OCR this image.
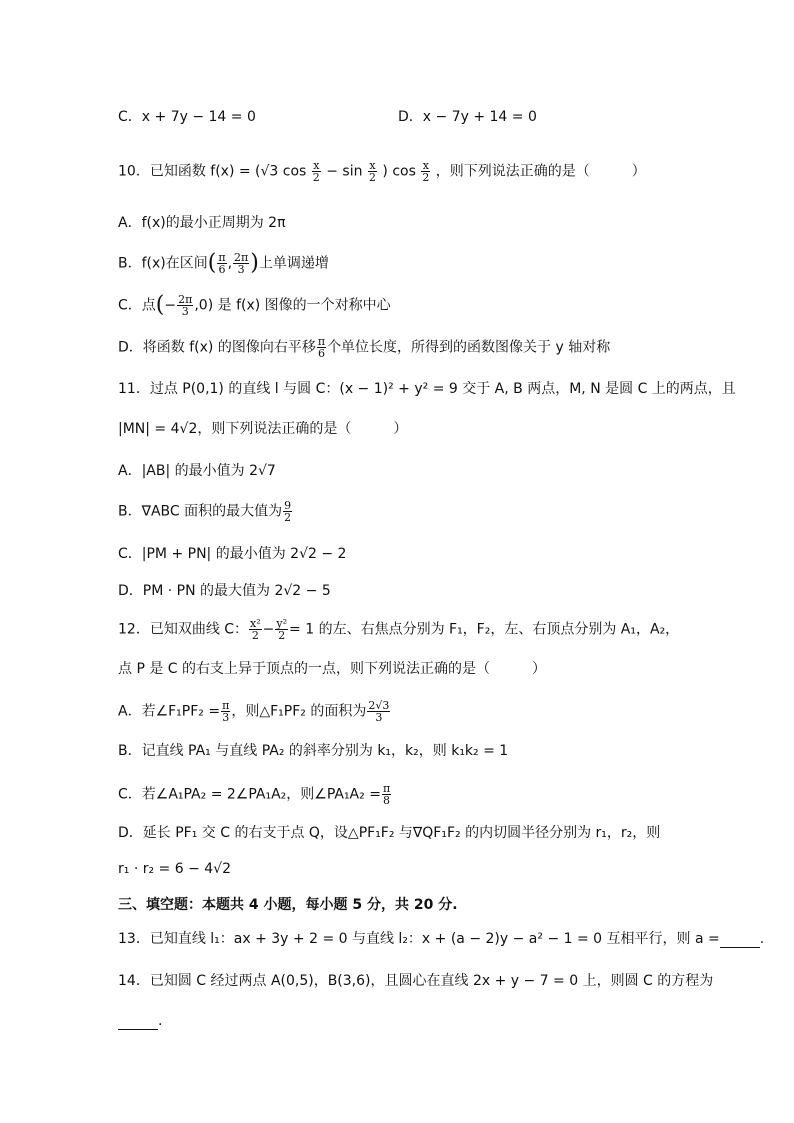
C．x + 7y − 14 = 0	D．x − 7y + 14 = 0
10．已知函数 f(x) = (√3 $\cos \frac{x}{2} - \sin \frac{x}{2}$ ) $\cos \frac{x}{2}$ ，则下列说法正确的是（　　　）
A．f(x)的最小正周期为 2π
B．f(x)在区间( $\frac{\pi}{6}$ , $\frac{2\pi}{3}$ )上单调递增
C．点(− $\frac{2\pi}{3} ,0$) 是 f(x) 图像的一个对称中心
D．将函数 f(x) 的图像向右平移 $\frac{\pi}{6}$ 个单位长度，所得到的函数图像关于 y 轴对称
11．过点 P(0,1) 的直线 l 与圆 C：(x − 1)² + y² = 9 交于 A, B 两点，M, N 是圆 C 上的两点，且
|MN| = 4√2，则下列说法正确的是（　　　）
A．|AB| 的最小值为 2√7
B．∇ABC 面积的最大值为 $\frac{9}{2}$
C．|PM + PN| 的最小值为 2√2 − 2
D．PM · PN 的最大值为 2√2 − 5
12．已知双曲线 C： $\frac{\text{x²}}{2} - \frac{\text{y²}}{2} = 1$ 的左、右焦点分别为 F₁，F₂，左、右顶点分别为 A₁，A₂，
点 P 是 C 的右支上异于顶点的一点，则下列说法正确的是（　　　）
A．若∠F₁PF₂ = $\frac{\pi}{3}$ ，则△F₁PF₂ 的面积为 $\frac{2√3}{3}$
B．记直线 PA₁ 与直线 PA₂ 的斜率分别为 k₁，k₂，则 k₁k₂ = 1
C．若∠A₁PA₂ = 2∠PA₁A₂，则∠PA₁A₂ = $\frac{\pi}{8}$
D．延长 PF₁ 交 C 的右支于点 Q，设△PF₁F₂ 与∇QF₁F₂ 的内切圆半径分别为 r₁，r₂，则
r₁ · r₂ = 6 − 4√2
三、填空题：本题共 4 小题，每小题 5 分，共 20 分.
13．已知直线 l₁：ax + 3y + 2 = 0 与直线 l₂：x + (a − 2)y − a² − 1 = 0 互相平行，则 a =	.
14．已知圆 C 经过两点 A(0,5)，B(3,6)，且圆心在直线 2x + y − 7 = 0 上，则圆 C 的方程为
.
